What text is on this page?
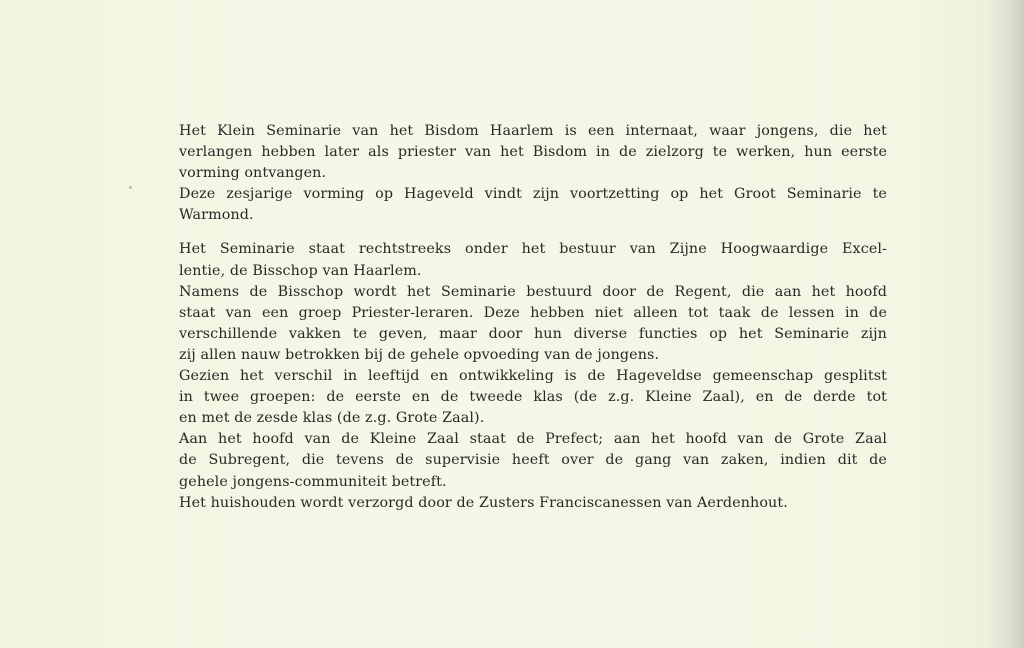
Het Klein Seminarie van het Bisdom Haarlem is een internaat, waar jongens, die het
verlangen hebben later als priester van het Bisdom in de zielzorg te werken, hun eerste
vorming ontvangen.
Deze zesjarige vorming op Hageveld vindt zijn voortzetting op het Groot Seminarie te
Warmond.
Het Seminarie staat rechtstreeks onder het bestuur van Zijne Hoogwaardige Excel-
lentie, de Bisschop van Haarlem.
Namens de Bisschop wordt het Seminarie bestuurd door de Regent, die aan het hoofd
staat van een groep Priester-leraren. Deze hebben niet alleen tot taak de lessen in de
verschillende vakken te geven, maar door hun diverse functies op het Seminarie zijn
zij allen nauw betrokken bij de gehele opvoeding van de jongens.
Gezien het verschil in leeftijd en ontwikkeling is de Hageveldse gemeenschap gesplitst
in twee groepen: de eerste en de tweede klas (de z.g. Kleine Zaal), en de derde tot
en met de zesde klas (de z.g. Grote Zaal).
Aan het hoofd van de Kleine Zaal staat de Prefect; aan het hoofd van de Grote Zaal
de Subregent, die tevens de supervisie heeft over de gang van zaken, indien dit de
gehele jongens-communiteit betreft.
Het huishouden wordt verzorgd door de Zusters Franciscanessen van Aerdenhout.
